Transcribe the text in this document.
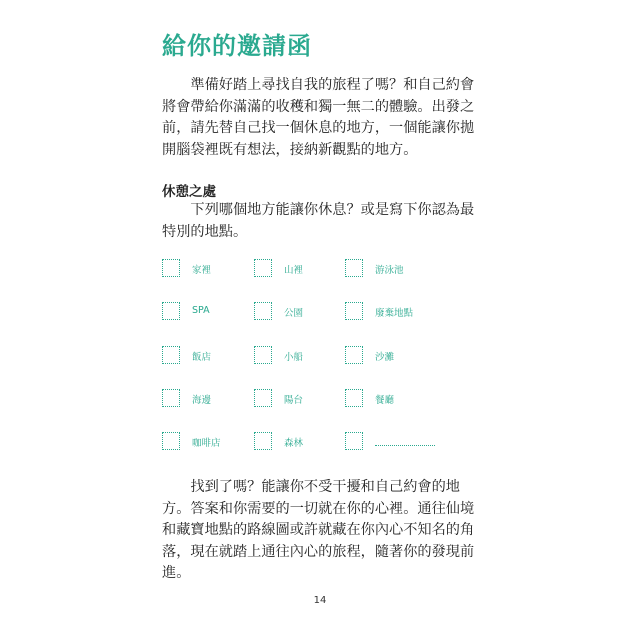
給你的邀請函

準備好踏上尋找自我的旅程了嗎？和自己約會將會帶給你滿滿的收穫和獨一無二的體驗。出發之前，請先替自己找一個休息的地方，一個能讓你拋開腦袋裡既有想法，接納新觀點的地方。

休憩之處

下列哪個地方能讓你休息？或是寫下你認為最特別的地點。

家裡	山裡	游泳池
SPA	公園	廢棄地點
飯店	小船	沙灘
海邊	陽台	餐廳
咖啡店	森林

找到了嗎？能讓你不受干擾和自己約會的地方。答案和你需要的一切就在你的心裡。通往仙境和藏寶地點的路線圖或許就藏在你內心不知名的角落，現在就踏上通往內心的旅程，隨著你的發現前進。

14
